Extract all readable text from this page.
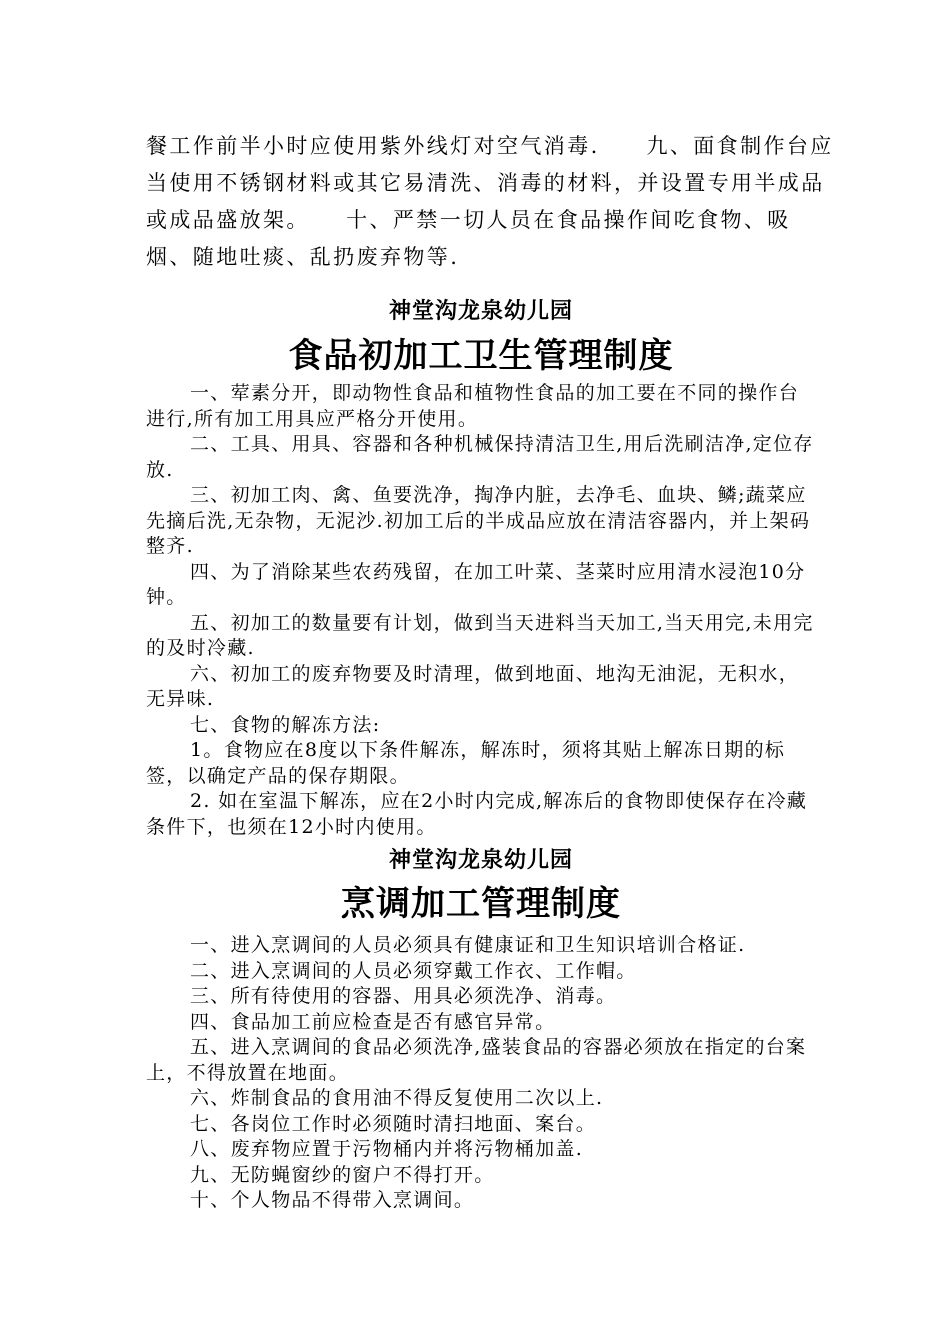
餐工作前半小时应使用紫外线灯对空气消毒.　　九、面食制作台应
当使用不锈钢材料或其它易清洗、消毒的材料，并设置专用半成品
或成品盛放架。　　十、严禁一切人员在食品操作间吃食物、吸
烟、随地吐痰、乱扔废弃物等.

神堂沟龙泉幼儿园

食品初加工卫生管理制度

一、荤素分开，即动物性食品和植物性食品的加工要在不同的操作台进行,所有加工用具应严格分开使用。

二、工具、用具、容器和各种机械保持清洁卫生,用后洗刷洁净,定位存放.

三、初加工肉、禽、鱼要洗净，掏净内脏，去净毛、血块、鳞;蔬菜应先摘后洗,无杂物，无泥沙.初加工后的半成品应放在清洁容器内，并上架码整齐.

四、为了消除某些农药残留，在加工叶菜、茎菜时应用清水浸泡10分钟。

五、初加工的数量要有计划，做到当天进料当天加工,当天用完,未用完的及时冷藏.

六、初加工的废弃物要及时清理，做到地面、地沟无油泥，无积水，无异味.

七、食物的解冻方法:

1。食物应在8度以下条件解冻，解冻时，须将其贴上解冻日期的标签，以确定产品的保存期限。

2. 如在室温下解冻，应在2小时内完成,解冻后的食物即使保存在冷藏条件下，也须在12小时内使用。

神堂沟龙泉幼儿园

烹调加工管理制度

一、进入烹调间的人员必须具有健康证和卫生知识培训合格证.

二、进入烹调间的人员必须穿戴工作衣、工作帽。

三、所有待使用的容器、用具必须洗净、消毒。

四、食品加工前应检查是否有感官异常。

五、进入烹调间的食品必须洗净,盛装食品的容器必须放在指定的台案上，不得放置在地面。

六、炸制食品的食用油不得反复使用二次以上.

七、各岗位工作时必须随时清扫地面、案台。

八、废弃物应置于污物桶内并将污物桶加盖.

九、无防蝇窗纱的窗户不得打开。

十、个人物品不得带入烹调间。
